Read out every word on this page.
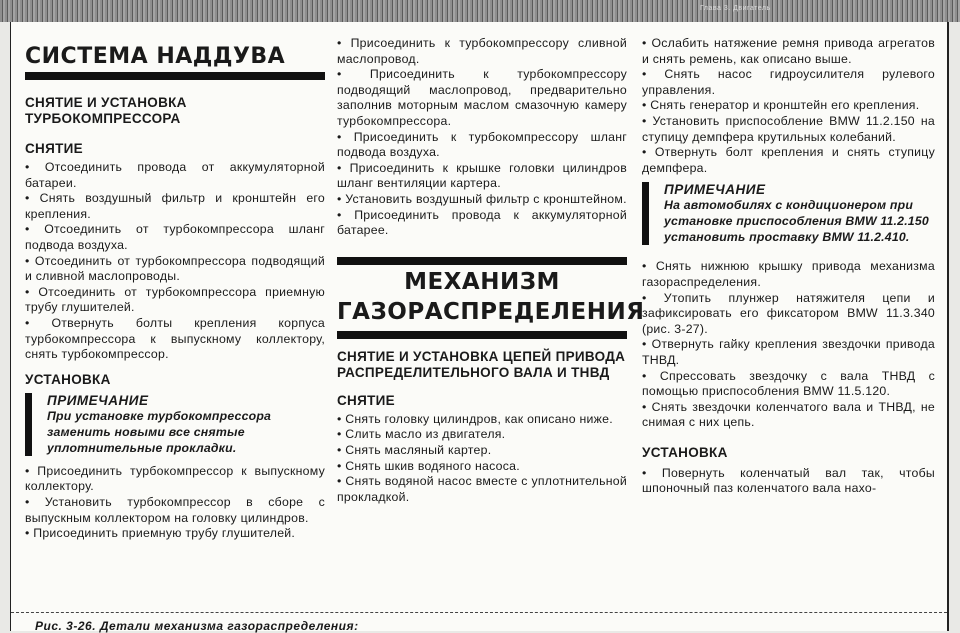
Глава 3. Двигатель
СИСТЕМА НАДДУВА
СНЯТИЕ И УСТАНОВКА ТУРБОКОМПРЕССОРА
СНЯТИЕ

• Отсоединить провода от аккумуляторной батареи.

• Снять воздушный фильтр и кронштейн его крепления.

• Отсоединить от турбокомпрессора шланг подвода воздуха.

• Отсоединить от турбокомпрессора подводящий и сливной маслопроводы.

• Отсоединить от турбокомпрессора приемную трубу глушителей.

• Отвернуть болты крепления корпуса турбокомпрессора к выпускному коллектору, снять турбокомпрессор.

УСТАНОВКА
ПРИМЕЧАНИЕ
При установке турбокомпрессора заменить новыми все снятые уплотнительные прокладки.

• Присоединить турбокомпрессор к выпускному коллектору.

• Установить турбокомпрессор в сборе с выпускным коллектором на головку цилиндров.

• Присоединить приемную трубу глушителей.

• Присоединить к турбокомпрессору сливной маслопровод.

• Присоединить к турбокомпрессору подводящий маслопровод, предварительно заполнив моторным маслом смазочную камеру турбокомпрессора.

• Присоединить к турбокомпрессору шланг подвода воздуха.

• Присоединить к крышке головки цилиндров шланг вентиляции картера.

• Установить воздушный фильтр с кронштейном.

• Присоединить провода к аккумуляторной батарее.

МЕХАНИЗМ
ГАЗОРАСПРЕДЕЛЕНИЯ
СНЯТИЕ И УСТАНОВКА ЦЕПЕЙ ПРИВОДА РАСПРЕДЕЛИТЕЛЬНОГО ВАЛА И ТНВД
СНЯТИЕ

• Снять головку цилиндров, как описано ниже.

• Слить масло из двигателя.

• Снять масляный картер.

• Снять шкив водяного насоса.

• Снять водяной насос вместе с уплотнительной прокладкой.

• Ослабить натяжение ремня привода агрегатов и снять ремень, как описано выше.

• Снять насос гидроусилителя рулевого управления.

• Снять генератор и кронштейн его крепления.

• Установить приспособление BMW 11.2.150 на ступицу демпфера крутильных колебаний.

• Отвернуть болт крепления и снять ступицу демпфера.

ПРИМЕЧАНИЕ
На автомобилях с кондиционером при установке приспособления BMW 11.2.150 установить проставку BMW 11.2.410.

• Снять нижнюю крышку привода механизма газораспределения.

• Утопить плунжер натяжителя цепи и зафиксировать его фиксатором BMW 11.3.340 (рис. 3-27).

• Отвернуть гайку крепления звездочки привода ТНВД.

• Спрессовать звездочку с вала ТНВД с помощью приспособления BMW 11.5.120.

• Снять звездочки коленчатого вала и ТНВД, не снимая с них цепь.

УСТАНОВКА

• Повернуть коленчатый вал так, чтобы шпоночный паз коленчатого вала нахо-

Рис. 3-26. Детали механизма газораспределения:
